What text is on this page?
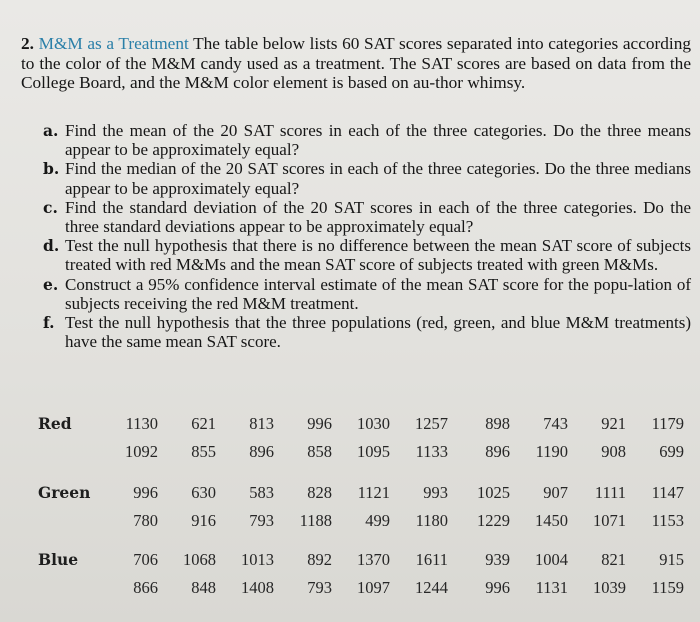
2. M&M as a Treatment The table below lists 60 SAT scores separated into categories according to the color of the M&M candy used as a treatment. The SAT scores are based on data from the College Board, and the M&M color element is based on au-thor whimsy.

a. Find the mean of the 20 SAT scores in each of the three categories. Do the three means appear to be approximately equal?

b. Find the median of the 20 SAT scores in each of the three categories. Do the three medians appear to be approximately equal?

c. Find the standard deviation of the 20 SAT scores in each of the three categories. Do the three standard deviations appear to be approximately equal?

d. Test the null hypothesis that there is no difference between the mean SAT score of subjects treated with red M&Ms and the mean SAT score of subjects treated with green M&Ms.

e. Construct a 95% confidence interval estimate of the mean SAT score for the popu-lation of subjects receiving the red M&M treatment.

f. Test the null hypothesis that the three populations (red, green, and blue M&M treatments) have the same mean SAT score.

Red	1130	621	813	996	1030	1257	898	743	921	1179
1092	855	896	858	1095	1133	896	1190	908	699
Green	996	630	583	828	1121	993	1025	907	1111	1147
780	916	793	1188	499	1180	1229	1450	1071	1153
Blue	706	1068	1013	892	1370	1611	939	1004	821	915
866	848	1408	793	1097	1244	996	1131	1039	1159
